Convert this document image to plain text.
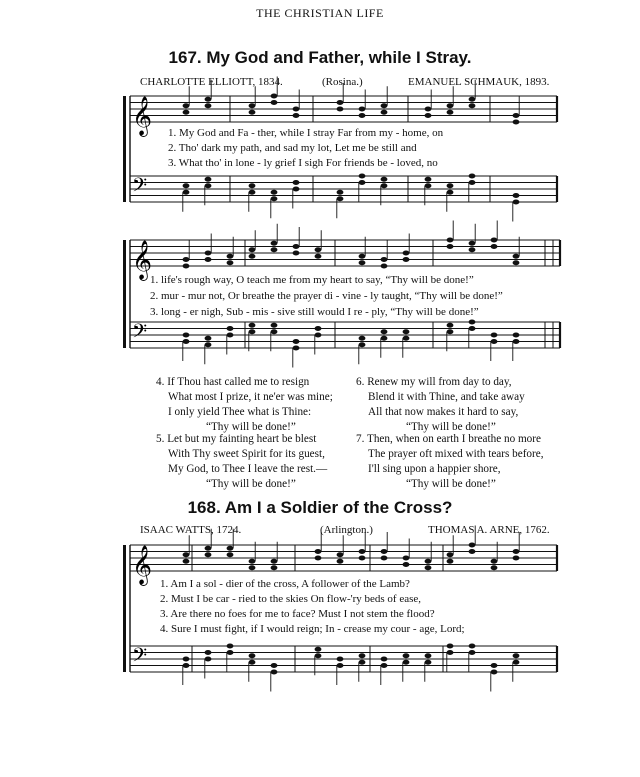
𝄞
𝄢
𝄞
𝄢
𝄞
𝄢
THE CHRISTIAN LIFE
167. My God and Father, while I Stray.
CHARLOTTE ELLIOTT, 1834.	(Rosina.)	EMANUEL SCHMAUK, 1893.
1. My God and Fa - ther, while I stray Far from my - home, on
2. Tho' dark my path, and sad my lot, Let me be still and
3. What tho' in lone - ly grief I sigh For friends be - loved, no
1. life's rough way, O teach me from my heart to say, “Thy will be done!”
2. mur - mur not, Or breathe the prayer di - vine - ly taught, “Thy will be done!”
3. long - er nigh, Sub - mis - sive still would I re - ply, “Thy will be done!”
4. If Thou hast called me to resign
What most I prize, it ne'er was mine;
I only yield Thee what is Thine:
“Thy will be done!”
5. Let but my fainting heart be blest
With Thy sweet Spirit for its guest,
My God, to Thee I leave the rest.—
“Thy will be done!”
6. Renew my will from day to day,
Blend it with Thine, and take away
All that now makes it hard to say,
“Thy will be done!”
7. Then, when on earth I breathe no more
The prayer oft mixed with tears before,
I'll sing upon a happier shore,
“Thy will be done!”
168. Am I a Soldier of the Cross?
ISAAC WATTS, 1724.	(Arlington.)	THOMAS A. ARNE, 1762.
1. Am I a sol - dier of the cross, A follower of the Lamb?
2. Must I be car - ried to the skies On flow-'ry beds of ease,
3. Are there no foes for me to face? Must I not stem the flood?
4. Sure I must fight, if I would reign; In - crease my cour - age, Lord;
